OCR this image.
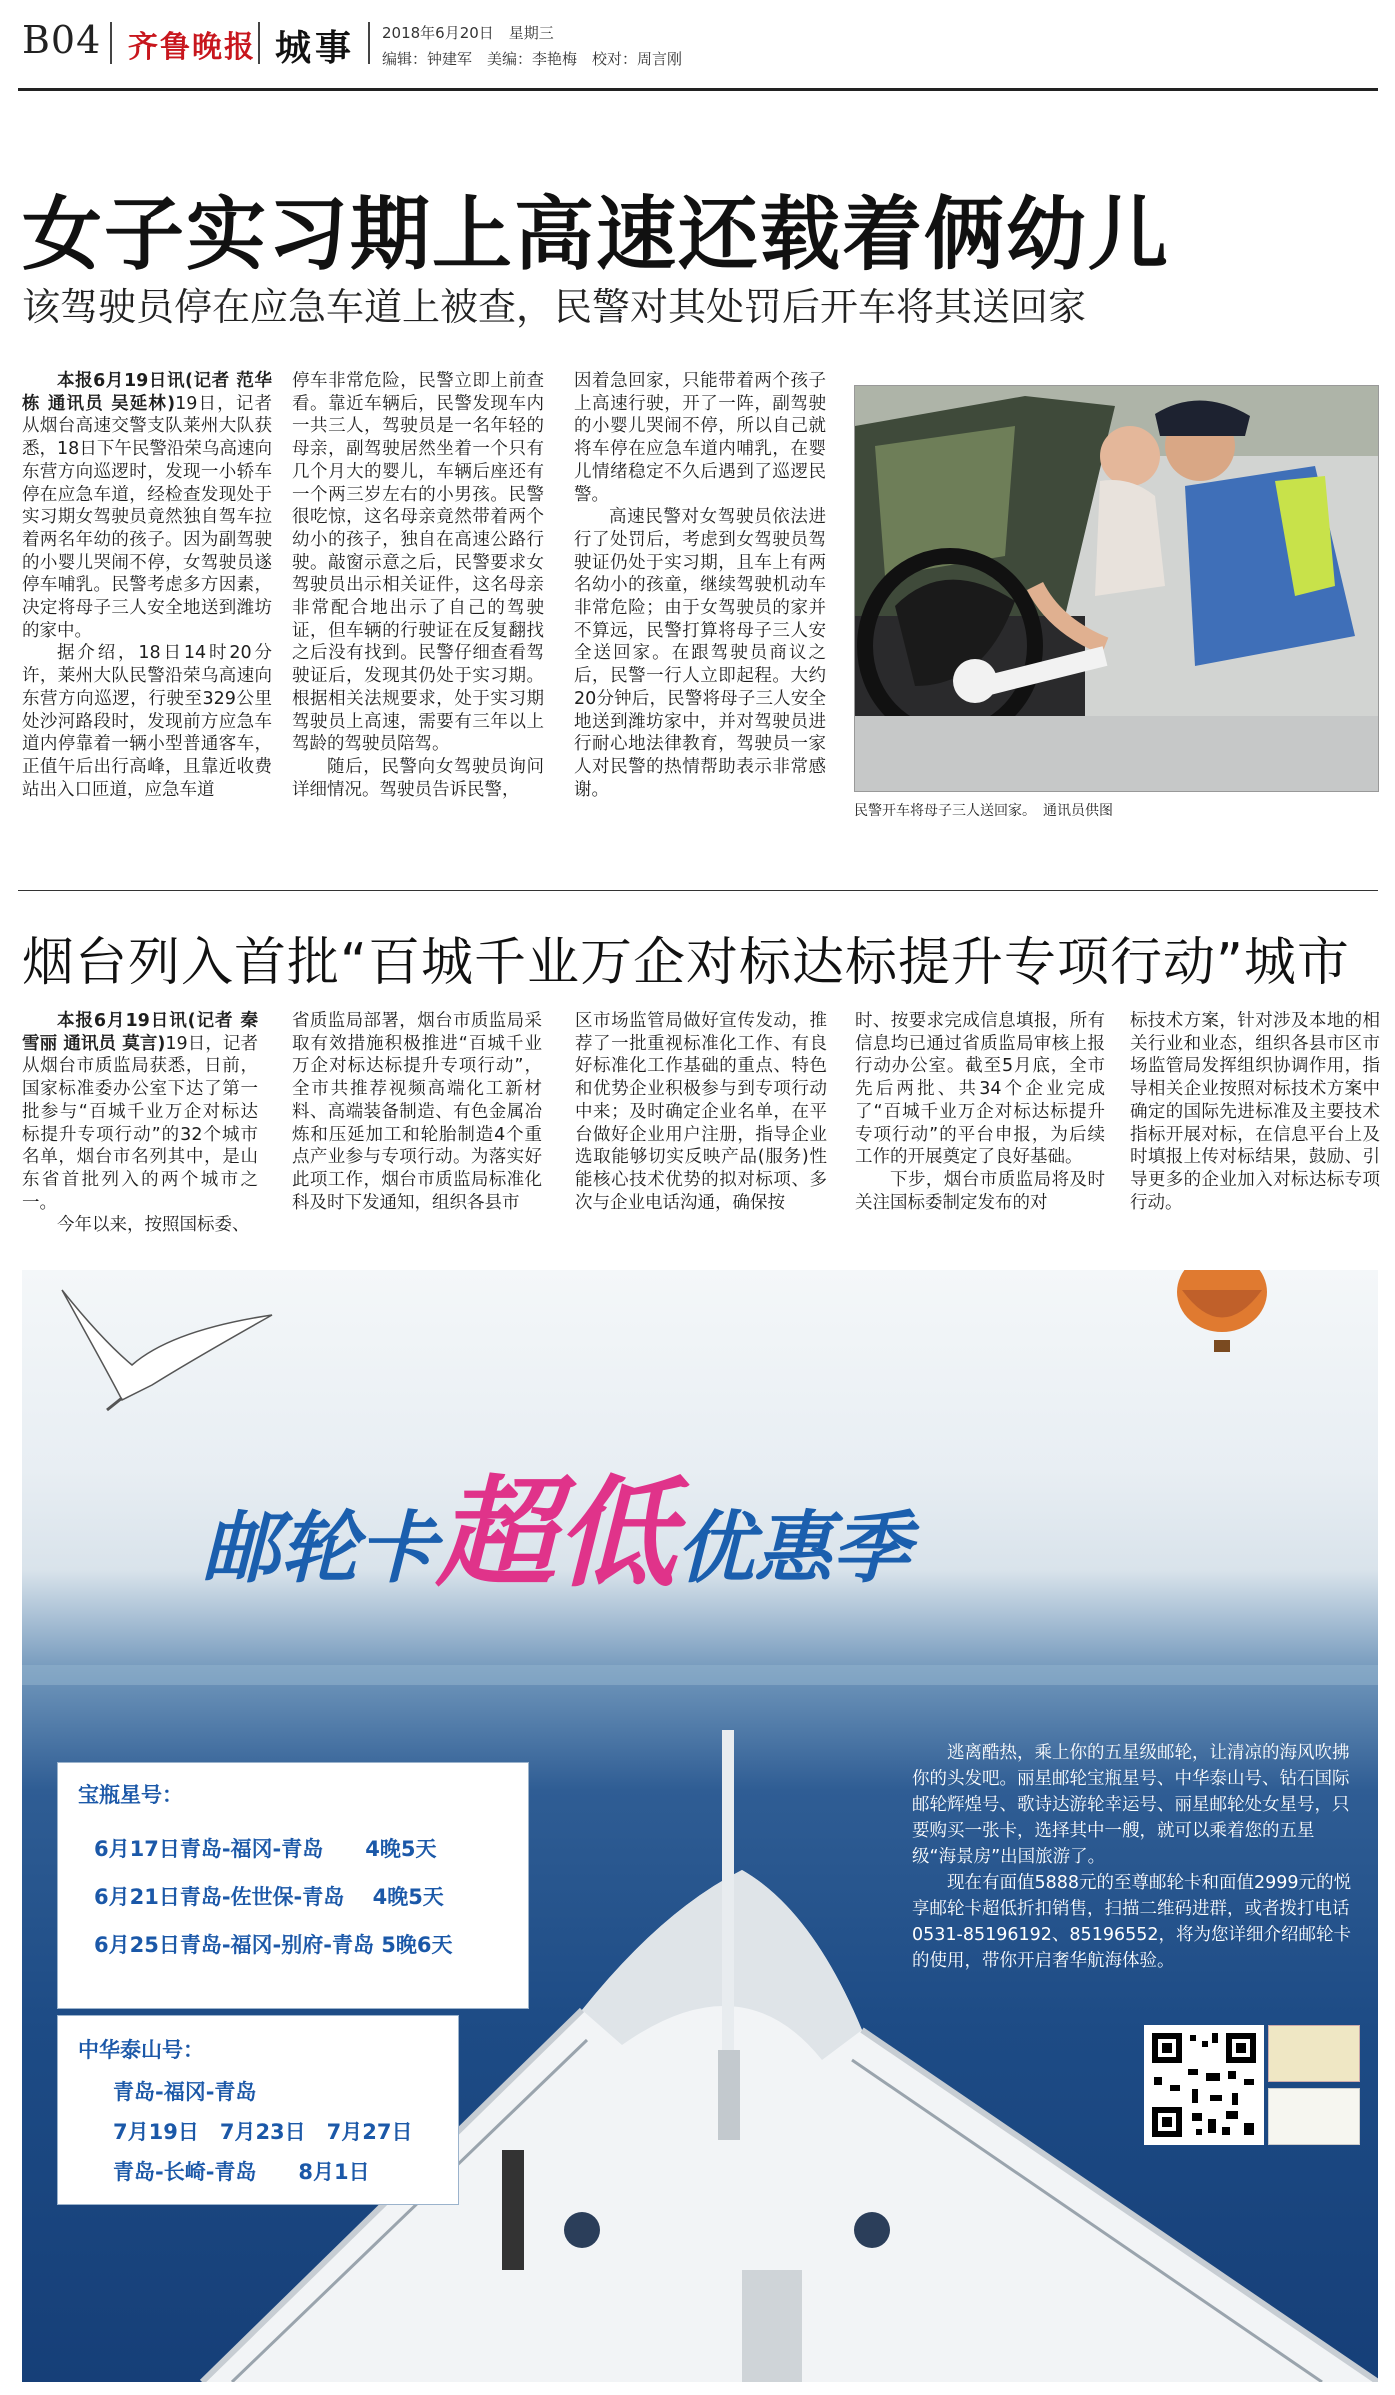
B04 齐鲁晚报 城事 2018年6月20日　星期三
编辑：钟建军　美编：李艳梅　校对：周言刚
女子实习期上高速还载着俩幼儿
该驾驶员停在应急车道上被查，民警对其处罚后开车将其送回家

本报6月19日讯(记者 范华栋 通讯员 吴延林)19日，记者从烟台高速交警支队莱州大队获悉，18日下午民警沿荣乌高速向东营方向巡逻时，发现一小轿车停在应急车道，经检查发现处于实习期女驾驶员竟然独自驾车拉着两名年幼的孩子。因为副驾驶的小婴儿哭闹不停，女驾驶员遂停车哺乳。民警考虑多方因素，决定将母子三人安全地送到潍坊的家中。

据介绍，18日14时20分许，莱州大队民警沿荣乌高速向东营方向巡逻，行驶至329公里处沙河路段时，发现前方应急车道内停靠着一辆小型普通客车，正值午后出行高峰，且靠近收费站出入口匝道，应急车道

停车非常危险，民警立即上前查看。靠近车辆后，民警发现车内一共三人，驾驶员是一名年轻的母亲，副驾驶居然坐着一个只有几个月大的婴儿，车辆后座还有一个两三岁左右的小男孩。民警很吃惊，这名母亲竟然带着两个幼小的孩子，独自在高速公路行驶。敲窗示意之后，民警要求女驾驶员出示相关证件，这名母亲非常配合地出示了自己的驾驶证，但车辆的行驶证在反复翻找之后没有找到。民警仔细查看驾驶证后，发现其仍处于实习期。根据相关法规要求，处于实习期驾驶员上高速，需要有三年以上驾龄的驾驶员陪驾。

随后，民警向女驾驶员询问详细情况。驾驶员告诉民警，

因着急回家，只能带着两个孩子上高速行驶，开了一阵，副驾驶的小婴儿哭闹不停，所以自己就将车停在应急车道内哺乳，在婴儿情绪稳定不久后遇到了巡逻民警。

高速民警对女驾驶员依法进行了处罚后，考虑到女驾驶员驾驶证仍处于实习期，且车上有两名幼小的孩童，继续驾驶机动车非常危险；由于女驾驶员的家并不算远，民警打算将母子三人安全送回家。在跟驾驶员商议之后，民警一行人立即起程。大约20分钟后，民警将母子三人安全地送到潍坊家中，并对驾驶员进行耐心地法律教育，驾驶员一家人对民警的热情帮助表示非常感谢。

民警开车将母子三人送回家。　通讯员供图
烟台列入首批“百城千业万企对标达标提升专项行动”城市

本报6月19日讯(记者 秦雪丽 通讯员 莫言)19日，记者从烟台市质监局获悉，日前，国家标准委办公室下达了第一批参与“百城千业万企对标达标提升专项行动”的32个城市名单，烟台市名列其中，是山东省首批列入的两个城市之一。

今年以来，按照国标委、

省质监局部署，烟台市质监局采取有效措施积极推进“百城千业万企对标达标提升专项行动”，全市共推荐视频高端化工新材料、高端装备制造、有色金属冶炼和压延加工和轮胎制造4个重点产业参与专项行动。为落实好此项工作，烟台市质监局标准化科及时下发通知，组织各县市

区市场监管局做好宣传发动，推荐了一批重视标准化工作、有良好标准化工作基础的重点、特色和优势企业积极参与到专项行动中来；及时确定企业名单，在平台做好企业用户注册，指导企业选取能够切实反映产品(服务)性能核心技术优势的拟对标项、多次与企业电话沟通，确保按

时、按要求完成信息填报，所有信息均已通过省质监局审核上报行动办公室。截至5月底，全市先后两批、共34个企业完成了“百城千业万企对标达标提升专项行动”的平台申报，为后续工作的开展奠定了良好基础。

下步，烟台市质监局将及时关注国标委制定发布的对

标技术方案，针对涉及本地的相关行业和业态，组织各县市区市场监管局发挥组织协调作用，指导相关企业按照对标技术方案中确定的国际先进标准及主要技术指标开展对标，在信息平台上及时填报上传对标结果，鼓励、引导更多的企业加入对标达标专项行动。

邮轮卡超低优惠季
宝瓶星号：
6月17日青岛-福冈-青岛　　4晚5天
6月21日青岛-佐世保-青岛　 4晚5天
6月25日青岛-福冈-别府-青岛 5晚6天
中华泰山号：
青岛-福冈-青岛
7月19日　7月23日　7月27日
青岛-长崎-青岛　　8月1日

逃离酷热，乘上你的五星级邮轮，让清凉的海风吹拂你的头发吧。丽星邮轮宝瓶星号、中华泰山号、钻石国际邮轮辉煌号、歌诗达游轮幸运号、丽星邮轮处女星号，只要购买一张卡，选择其中一艘，就可以乘着您的五星级“海景房”出国旅游了。

现在有面值5888元的至尊邮轮卡和面值2999元的悦享邮轮卡超低折扣销售，扫描二维码进群，或者拨打电话0531-85196192、85196552，将为您详细介绍邮轮卡的使用，带你开启奢华航海体验。
